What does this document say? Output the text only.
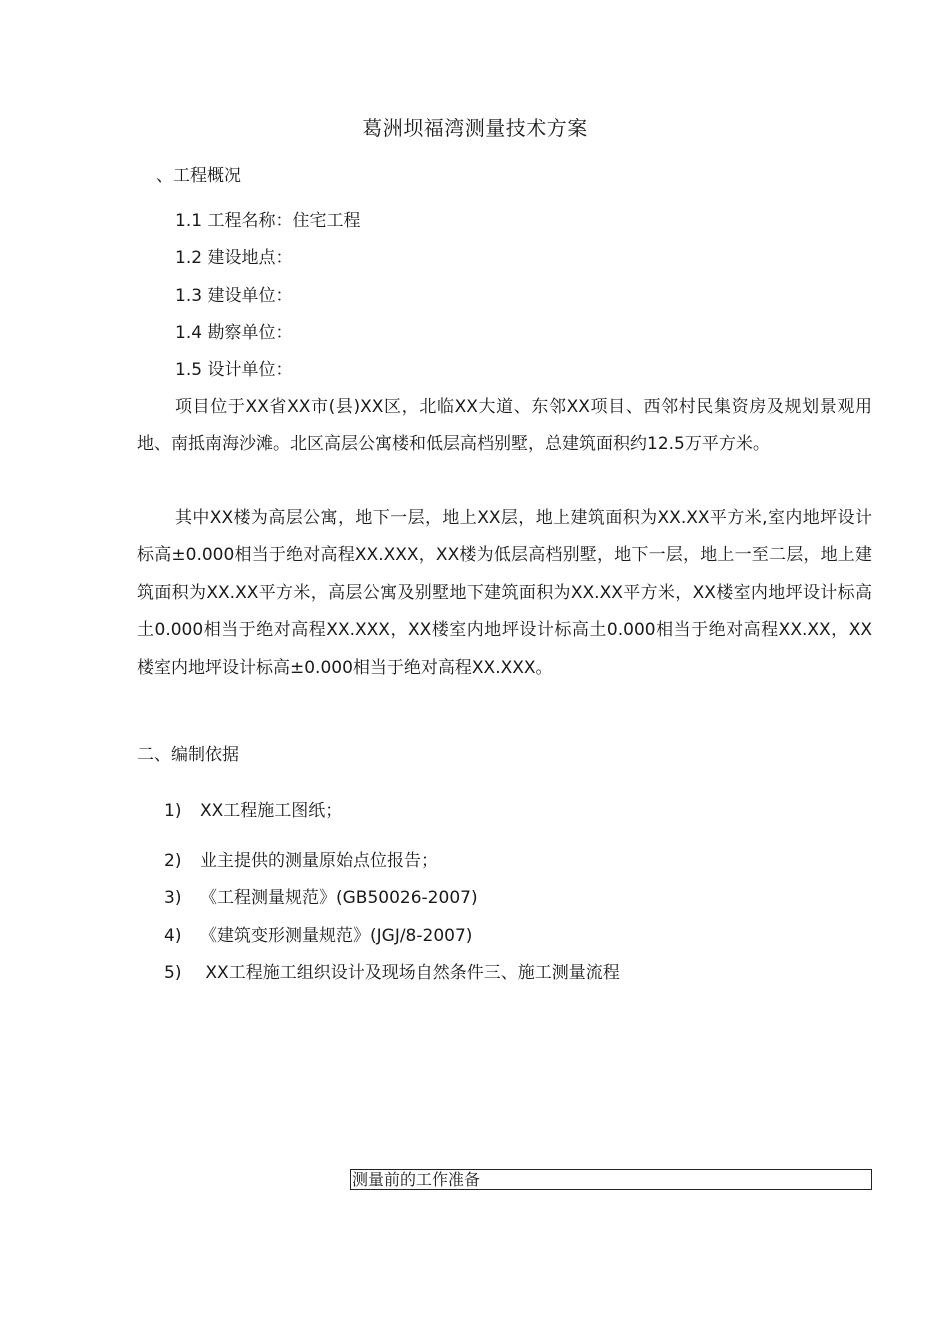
葛洲坝福湾测量技术方案
、工程概况
1.1 工程名称：住宅工程
1.2 建设地点：
1.3 建设单位：
1.4 勘察单位：
1.5 设计单位：
项目位于XX省XX市(县)XX区，北临XX大道、东邻XX项目、西邻村民集资房及规划景观用地、南抵南海沙滩。北区高层公寓楼和低层高档别墅，总建筑面积约12.5万平方米。
其中XX楼为高层公寓，地下一层，地上XX层，地上建筑面积为XX.XX平方米,室内地坪设计标高±0.000相当于绝对高程XX.XXX，XX楼为低层高档别墅，地下一层，地上一至二层，地上建筑面积为XX.XX平方米，高层公寓及别墅地下建筑面积为XX.XX平方米，XX楼室内地坪设计标高土0.000相当于绝对高程XX.XXX，XX楼室内地坪设计标高土0.000相当于绝对高程XX.XX，XX楼室内地坪设计标高±0.000相当于绝对高程XX.XXX。
二、编制依据
1) XX工程施工图纸；
2) 业主提供的测量原始点位报告；
3) 《工程测量规范》(GB50026-2007)
4) 《建筑变形测量规范》(JGJ/8-2007)
5) XX工程施工组织设计及现场自然条件三、施工测量流程
测量前的工作准备
